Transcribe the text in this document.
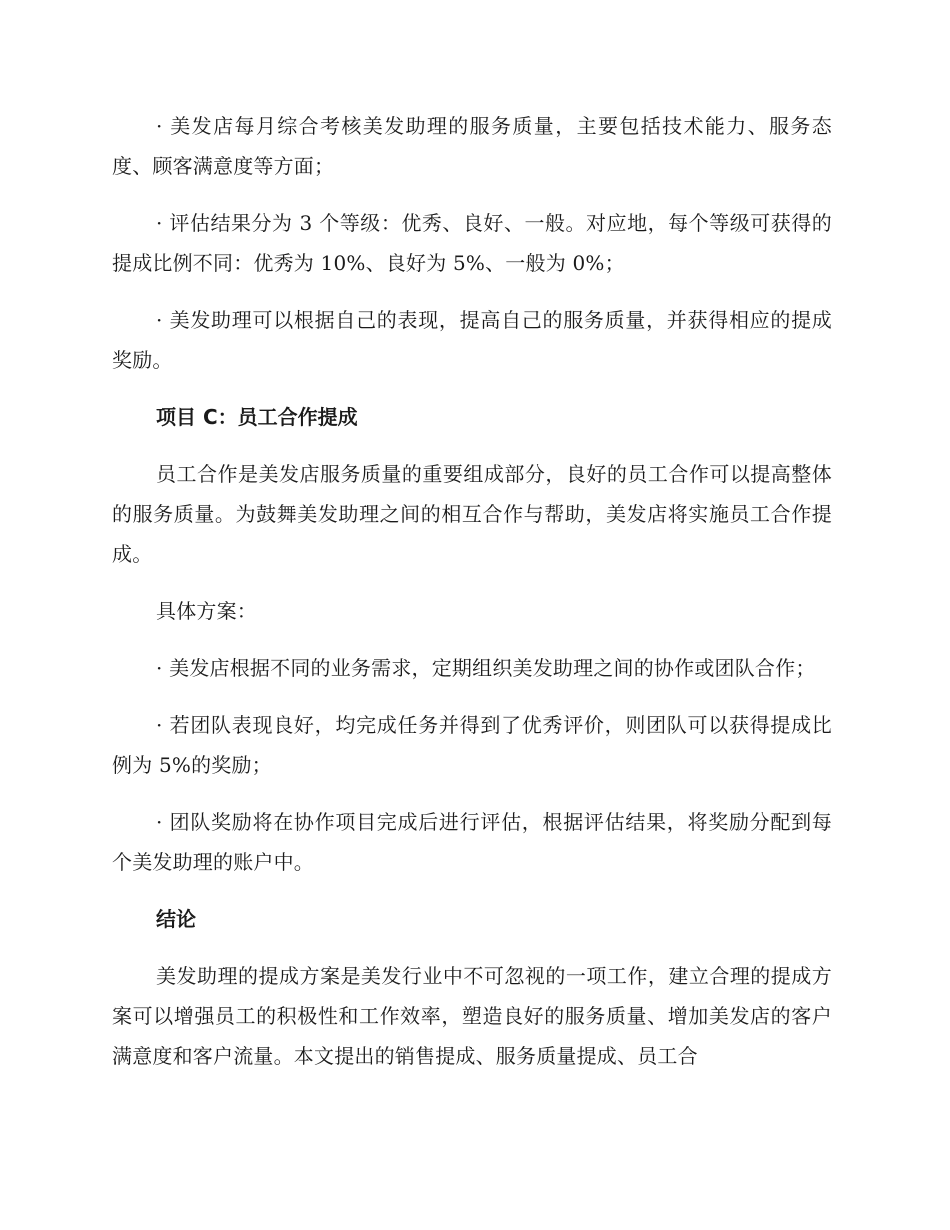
· 美发店每月综合考核美发助理的服务质量，主要包括技术能力、服务态度、顾客满意度等方面；

· 评估结果分为 3 个等级：优秀、良好、一般。对应地，每个等级可获得的提成比例不同：优秀为 10%、良好为 5%、一般为 0%；

· 美发助理可以根据自己的表现，提高自己的服务质量，并获得相应的提成奖励。

项目 C：员工合作提成

员工合作是美发店服务质量的重要组成部分，良好的员工合作可以提高整体的服务质量。为鼓舞美发助理之间的相互合作与帮助，美发店将实施员工合作提成。

具体方案：

· 美发店根据不同的业务需求，定期组织美发助理之间的协作或团队合作；

· 若团队表现良好，均完成任务并得到了优秀评价，则团队可以获得提成比例为 5%的奖励；

· 团队奖励将在协作项目完成后进行评估，根据评估结果，将奖励分配到每个美发助理的账户中。

结论

美发助理的提成方案是美发行业中不可忽视的一项工作，建立合理的提成方案可以增强员工的积极性和工作效率，塑造良好的服务质量、增加美发店的客户满意度和客户流量。本文提出的销售提成、服务质量提成、员工合
